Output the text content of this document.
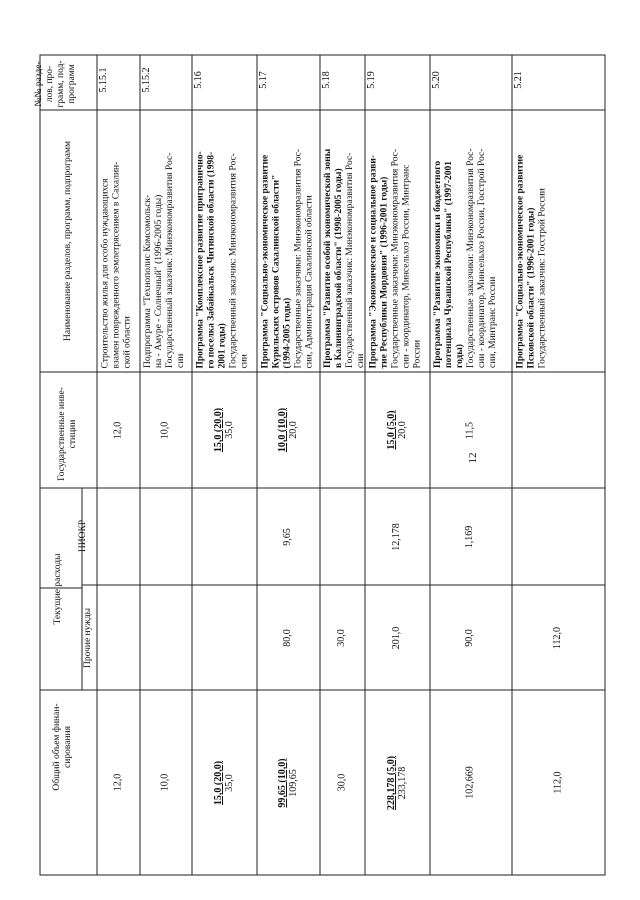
№№ разде- лов, про- грамм, под- программ
Наименование разделов, программ, подпрограмм
Государственные инве- стиции
Текущие расходы
НИОКР
Прочие нужды
Общий объем финан- сирования
5.15.1
Строительство жилья для особо нуждающихся взамен поврежденного землетрясением в Сахалин- ской области
12,0
12,0
5.15.2
Подпрограмма "Технополис Комсомольск- на - Амуре - Солнечный" (1996-2005 годы) Государственный заказчик: Минэкономразвития Рос- сии
10,0
10,0
5.16
Программа "Комплексное развитие приграничнo- го поселка Забайкальск Читинской области (1998- 2001 годы) Государственный заказчик: Минэкономразвития Рос- сии
15,0 (20,0) 35,0
15,0 (20,0) 35,0
5.17
Программа "Социально-экономическое развитие Курильских островов Сахалинской области" (1994-2005 годы) Государственные заказчики: Минэкономразвития Рос- сии, Администрация Сахалинской области
10,0 (10,0) 20,0
9,65
80,0
99,65 (10,0) 109,65
5.18
Программа "Развитие особой экономической зоны в Калининградской области" (1998-2005 годы) Государственный заказчик: Минэкономразвития Рос- сии
30,0
30,0
5.19
Программа "Экономическое и социальное разви- тие Республики Мордовия" (1996-2001 годы) Государственные заказчики: Минэкономразвития Рос- сии - координатор, Минсельхоз России, Минтранс России
15,0 (5,0) 20,0
12,178
201,0
228,178 (5,0) 233,178
5.20
Программа "Развитие экономики и бюджетного потенциала Чувашской Республики" (1997-2001 годы) Государственные заказчики: Минэкономразвития Рос- сии - координатор, Минсельхоз России, Госстрой Рос- сии, Минтранс России
11,5
1,169
90,0
102,669
5.21
Программа "Социально-экономическое развитие Псковской области" (1996-2001 годы) Государственный заказчик: Госстрой России
112,0
112,0
12
